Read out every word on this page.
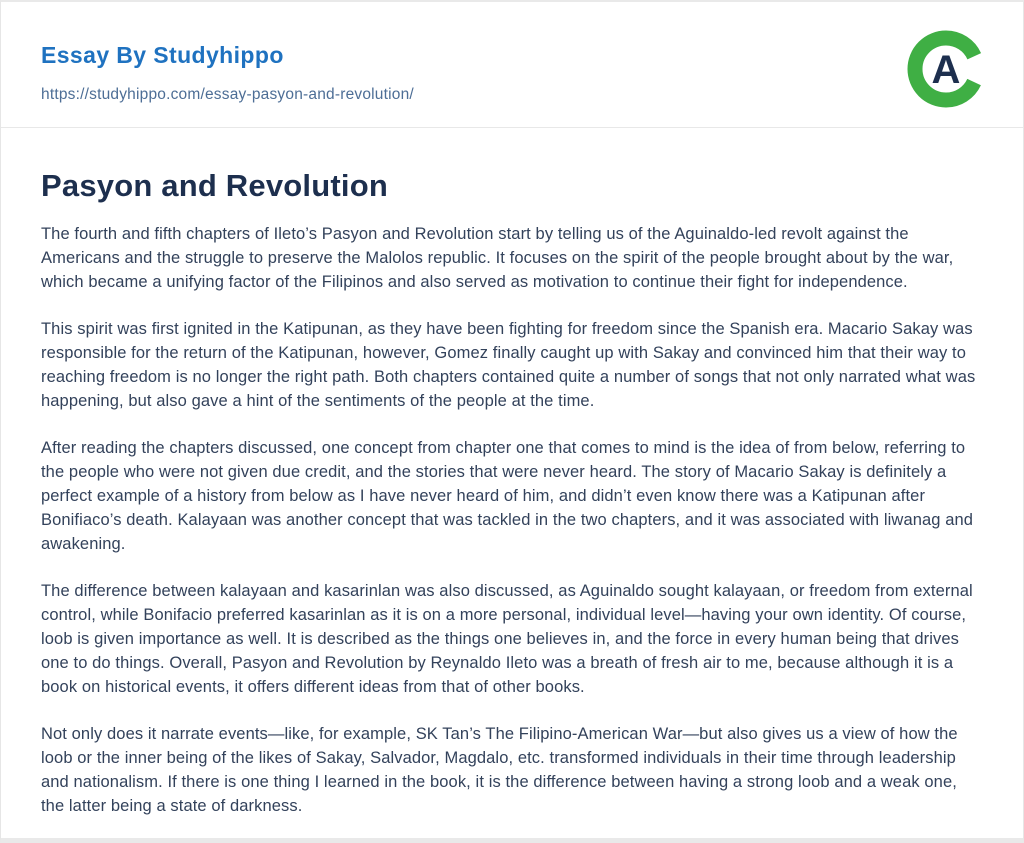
Essay By Studyhippo
https://studyhippo.com/essay-pasyon-and-revolution/
A
Pasyon and Revolution

The fourth and fifth chapters of Ileto’s Pasyon and Revolution start by telling us of the Aguinaldo-led revolt against the Americans and the struggle to preserve the Malolos republic. It focuses on the spirit of the people brought about by the war, which became a unifying factor of the Filipinos and also served as motivation to continue their fight for independence.

This spirit was first ignited in the Katipunan, as they have been fighting for freedom since the Spanish era. Macario Sakay was responsible for the return of the Katipunan, however, Gomez finally caught up with Sakay and convinced him that their way to reaching freedom is no longer the right path. Both chapters contained quite a number of songs that not only narrated what was happening, but also gave a hint of the sentiments of the people at the time.

After reading the chapters discussed, one concept from chapter one that comes to mind is the idea of from below, referring to the people who were not given due credit, and the stories that were never heard. The story of Macario Sakay is definitely a perfect example of a history from below as I have never heard of him, and didn’t even know there was a Katipunan after Bonifiaco’s death. Kalayaan was another concept that was tackled in the two chapters, and it was associated with liwanag and awakening.

The difference between kalayaan and kasarinlan was also discussed, as Aguinaldo sought kalayaan, or freedom from external control, while Bonifacio preferred kasarinlan as it is on a more personal, individual level—having your own identity. Of course, loob is given importance as well. It is described as the things one believes in, and the force in every human being that drives one to do things. Overall, Pasyon and Revolution by Reynaldo Ileto was a breath of fresh air to me, because although it is a book on historical events, it offers different ideas from that of other books.

Not only does it narrate events—like, for example, SK Tan’s The Filipino-American War—but also gives us a view of how the loob or the inner being of the likes of Sakay, Salvador, Magdalo, etc. transformed individuals in their time through leadership and nationalism. If there is one thing I learned in the book, it is the difference between having a strong loob and a weak one, the latter being a state of darkness.
